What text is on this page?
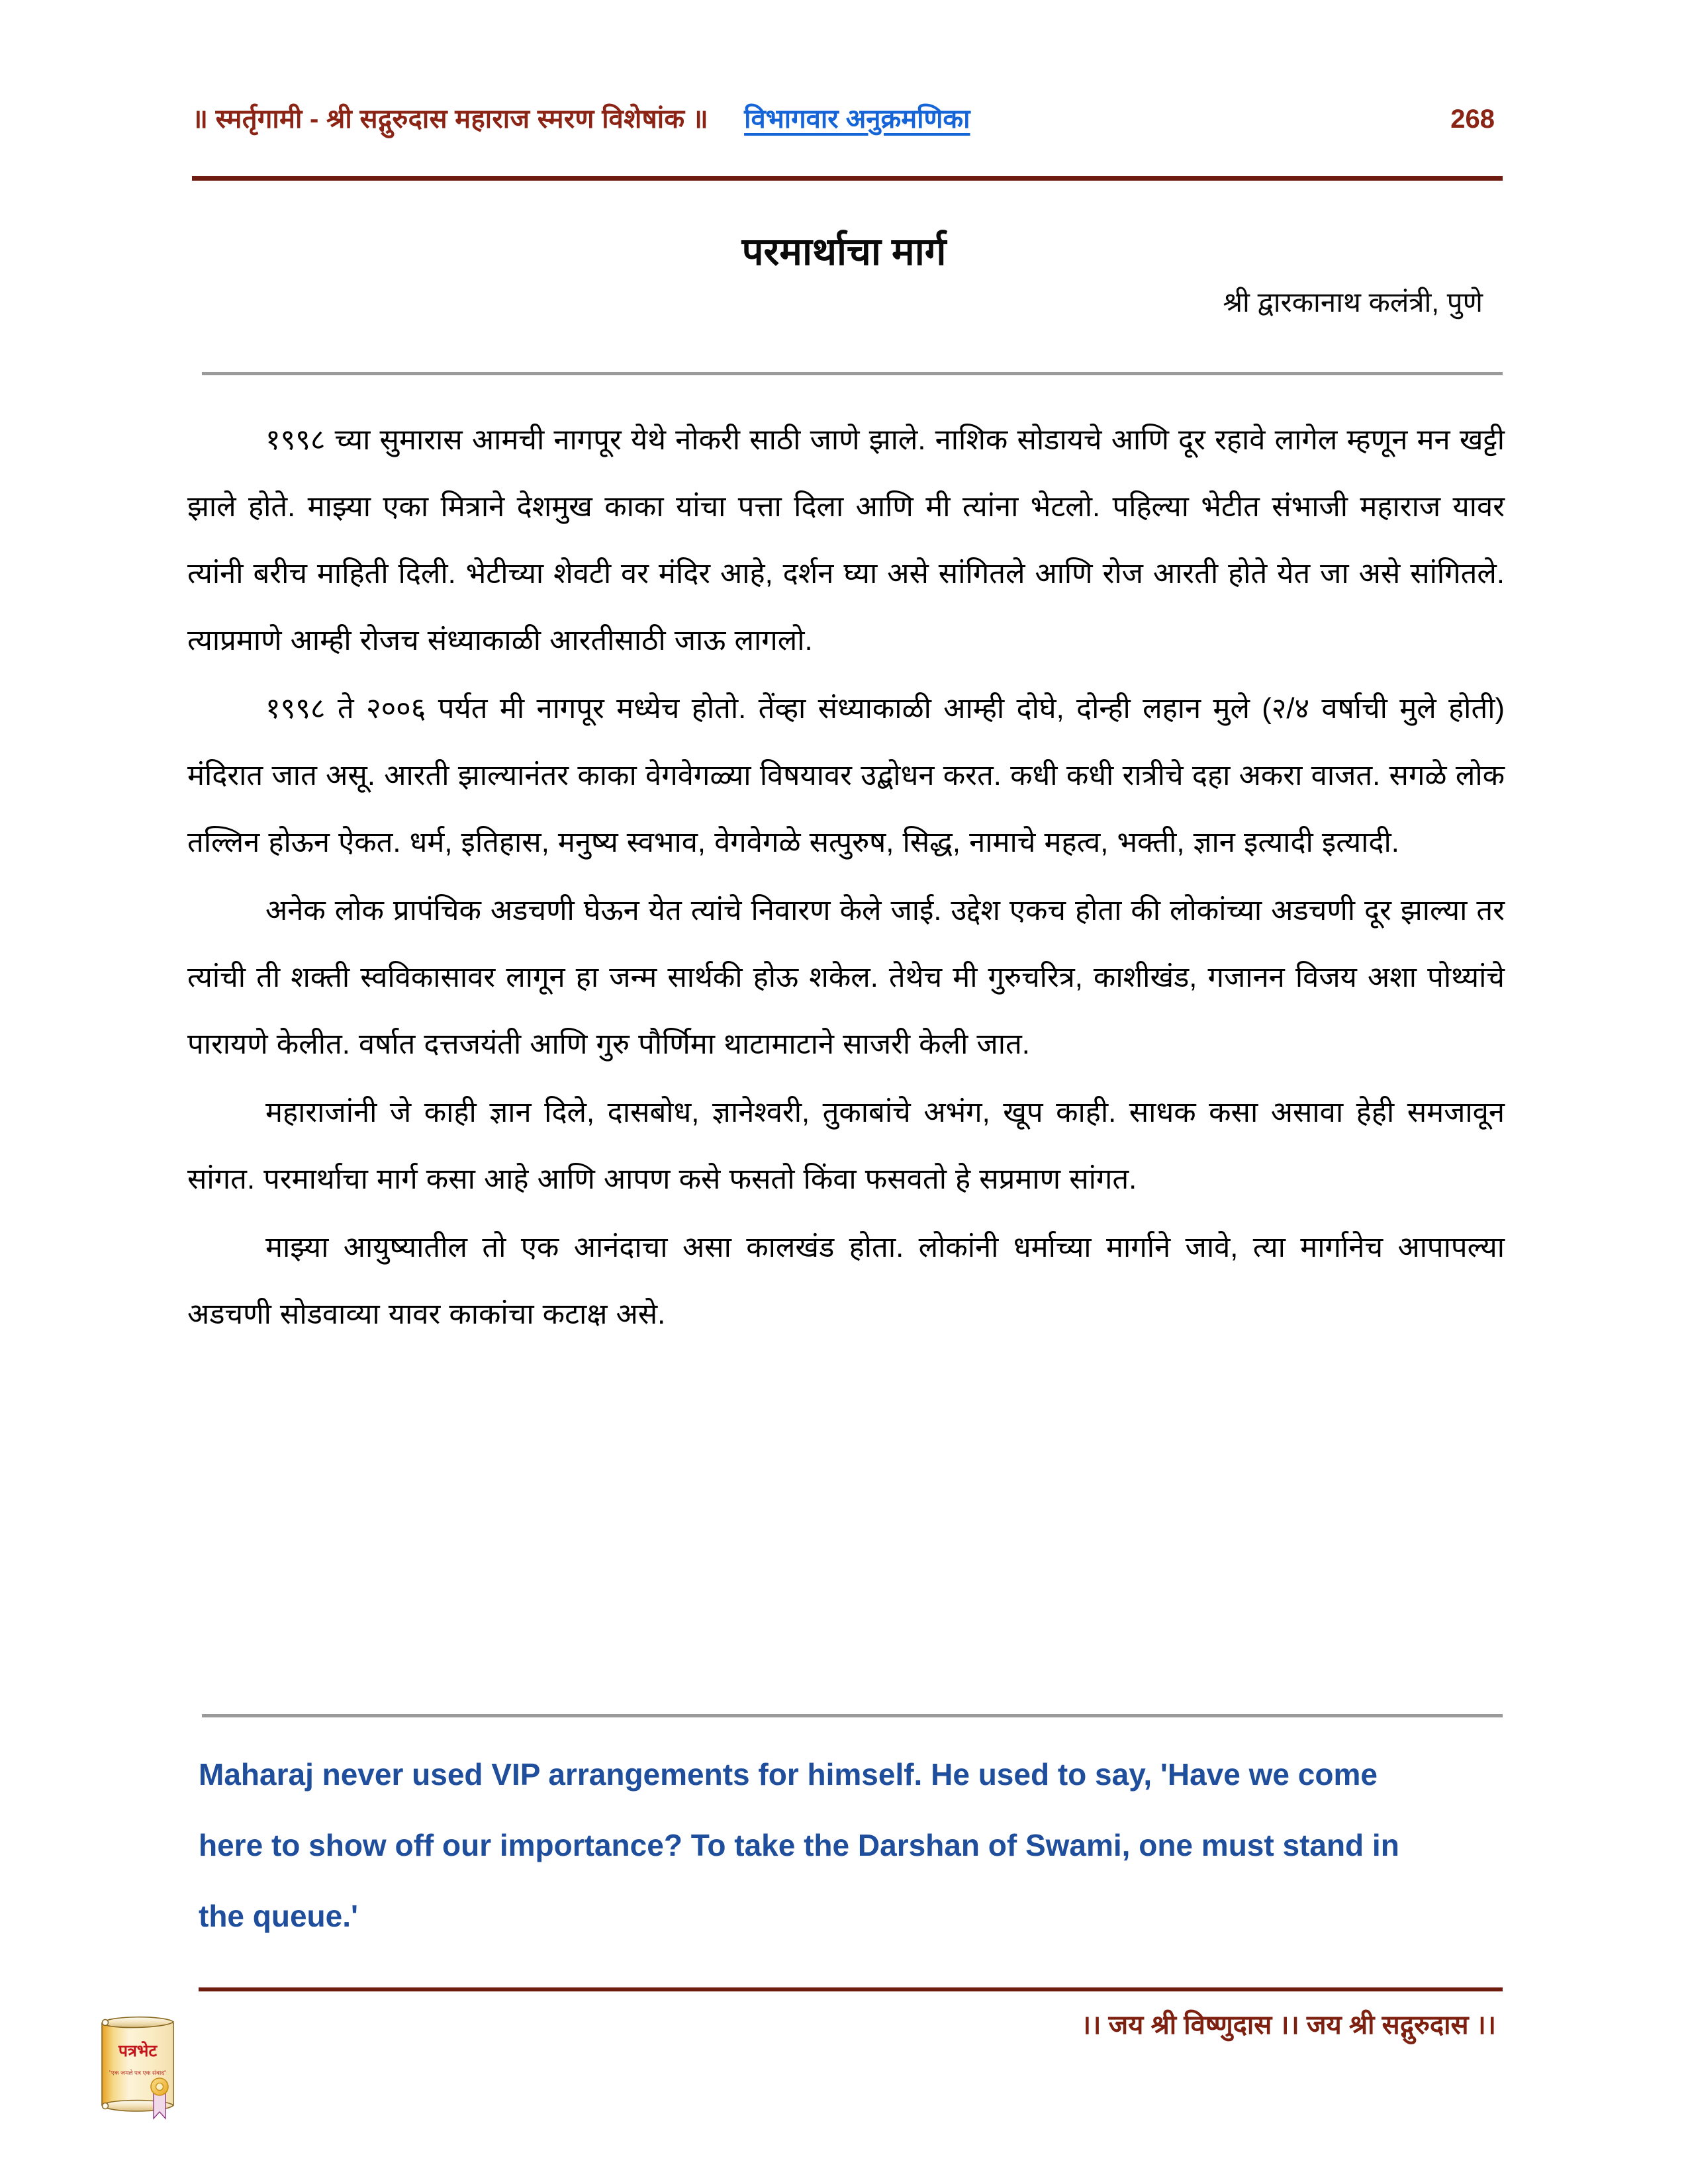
॥ स्मर्तृगामी - श्री सद्गुरुदास महाराज स्मरण विशेषांक ॥ विभागवार अनुक्रमणिका	268
परमार्थाचा मार्ग
श्री द्वारकानाथ कलंत्री, पुणे

१९९८ च्या सुमारास आमची नागपूर येथे नोकरी साठी जाणे झाले. नाशिक सोडायचे आणि दूर रहावे लागेल म्हणून मन खट्टी झाले होते. माझ्या एका मित्राने देशमुख काका यांचा पत्ता दिला आणि मी त्यांना भेटलो. पहिल्या भेटीत संभाजी महाराज यावर त्यांनी बरीच माहिती दिली. भेटीच्या शेवटी वर मंदिर आहे, दर्शन घ्या असे सांगितले आणि रोज आरती होते येत जा असे सांगितले. त्याप्रमाणे आम्ही रोजच संध्याकाळी आरतीसाठी जाऊ लागलो.

१९९८ ते २००६ पर्यत मी नागपूर मध्येच होतो. तेंव्हा संध्याकाळी आम्ही दोघे, दोन्ही लहान मुले (२/४ वर्षाची मुले होती) मंदिरात जात असू. आरती झाल्यानंतर काका वेगवेगळ्या विषयावर उद्बोधन करत. कधी कधी रात्रीचे दहा अकरा वाजत. सगळे लोक तल्लिन होऊन ऐकत. धर्म, इतिहास, मनुष्य स्वभाव, वेगवेगळे सत्पुरुष, सिद्ध, नामाचे महत्व, भक्ती, ज्ञान इत्यादी इत्यादी.

अनेक लोक प्रापंचिक अडचणी घेऊन येत त्यांचे निवारण केले जाई. उद्देश एकच होता की लोकांच्या अडचणी दूर झाल्या तर त्यांची ती शक्ती स्वविकासावर लागून हा जन्म सार्थकी होऊ शकेल. तेथेच मी गुरुचरित्र, काशीखंड, गजानन विजय अशा पोथ्यांचे पारायणे केलीत. वर्षात दत्तजयंती आणि गुरु पौर्णिमा थाटामाटाने साजरी केली जात.

महाराजांनी जे काही ज्ञान दिले, दासबोध, ज्ञानेश्वरी, तुकाबांचे अभंग, खूप काही. साधक कसा असावा हेही समजावून सांगत. परमार्थाचा मार्ग कसा आहे आणि आपण कसे फसतो किंवा फसवतो हे सप्रमाण सांगत.

माझ्या आयुष्यातील तो एक आनंदाचा असा कालखंड होता. लोकांनी धर्माच्या मार्गाने जावे, त्या मार्गानेच आपापल्या अडचणी सोडवाव्या यावर काकांचा कटाक्ष असे.

Maharaj never used VIP arrangements for himself. He used to say, 'Have we come here to show off our importance? To take the Darshan of Swami, one must stand in the queue.'
।। जय श्री विष्णुदास ।। जय श्री सद्गुरुदास ।।
पत्रभेट
"एक जमले पत्र एक संवाद"
